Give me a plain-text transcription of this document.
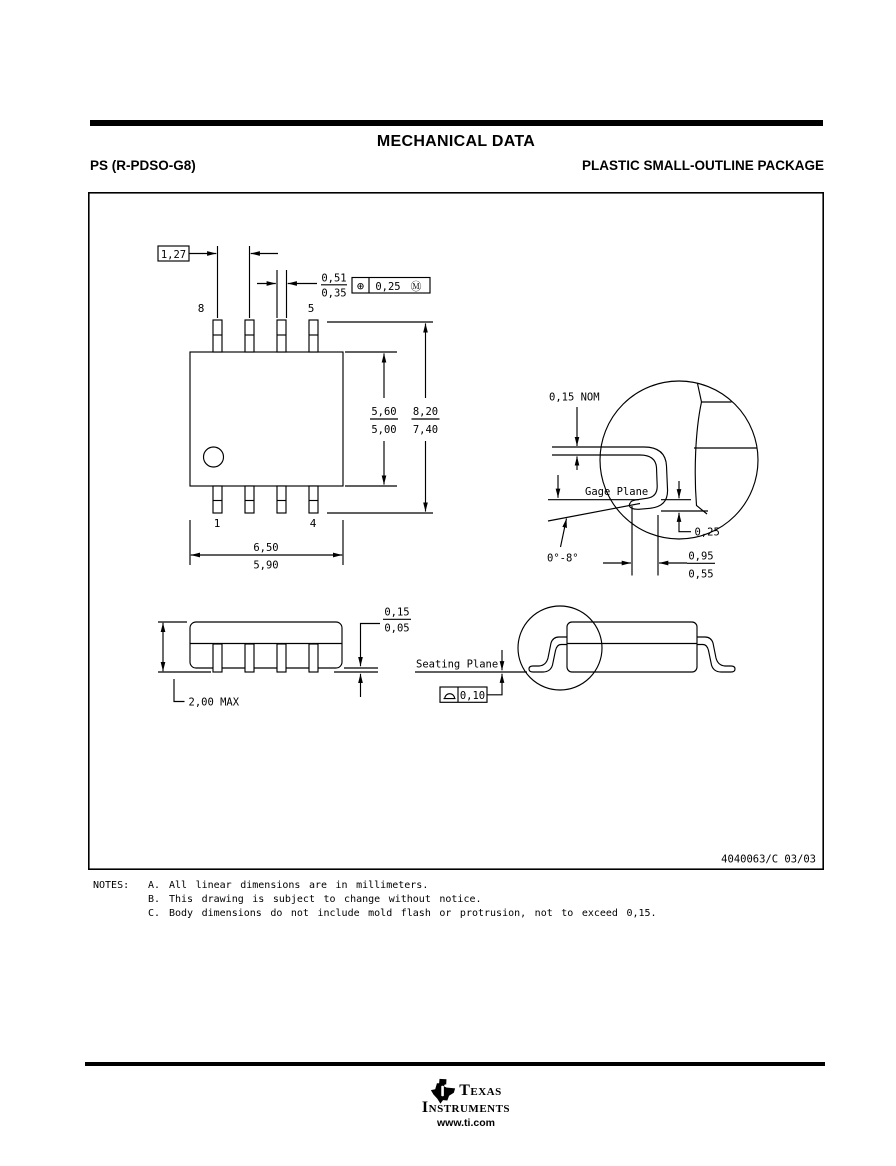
MECHANICAL DATA
PS (R-PDSO-G8)	PLASTIC SMALL-OUTLINE PACKAGE
1,27
0,51
0,35
⊕ 0,25 Ⓜ
8	5
1	4
5,60
5,00
8,20
7,40
6,50
5,90
2,00 MAX
0,15
0,05
Seating Plane
0,10
Gage Plane
0,15 NOM
0,25
0,95
0,55
0°-8°
4040063/C 03/03
NOTES:	A. All linear dimensions are in millimeters.
B. This drawing is subject to change without notice.
C. Body dimensions do not include mold flash or protrusion, not to exceed 0,15.
Texas
Instruments
www.ti.com
